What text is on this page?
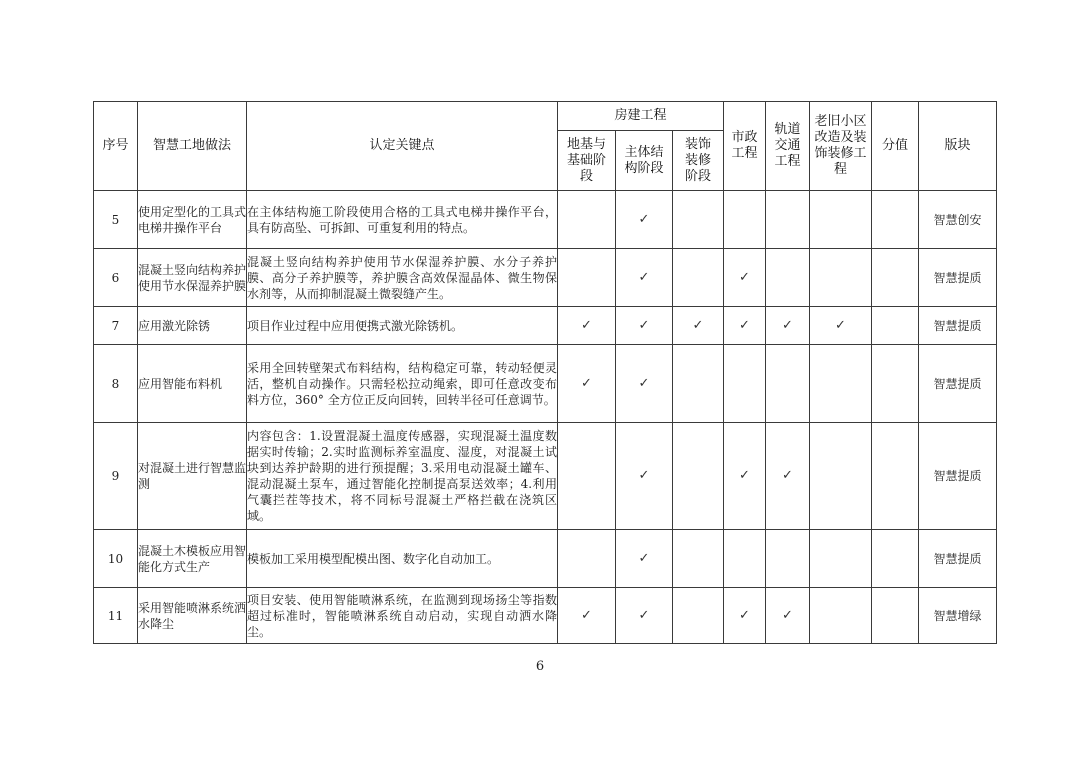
序号	智慧工地做法	认定关键点	房建工程			市政工程	轨道交通工程	老旧小区改造及装饰装修工程	分值	版块
			地基与基础阶段	主体结构阶段	装饰装修阶段					
5	使用定型化的工具式电梯井操作平台	在主体结构施工阶段使用合格的工具式电梯井操作平台，具有防高坠、可拆卸、可重复利用的特点。		✓						智慧创安
6	混凝土竖向结构养护使用节水保湿养护膜	混凝土竖向结构养护使用节水保湿养护膜、水分子养护膜、高分子养护膜等，养护膜含高效保湿晶体、微生物保水剂等，从而抑制混凝土微裂缝产生。		✓		✓				智慧提质
7	应用激光除锈	项目作业过程中应用便携式激光除锈机。	✓	✓	✓	✓	✓	✓		智慧提质
8	应用智能布料机	采用全回转壁架式布料结构，结构稳定可靠，转动轻便灵活，整机自动操作。只需轻松拉动绳索，即可任意改变布料方位，360° 全方位正反向回转，回转半径可任意调节。	✓	✓						智慧提质
9	对混凝土进行智慧监测	内容包含：1.设置混凝土温度传感器，实现混凝土温度数据实时传输；2.实时监测标养室温度、湿度，对混凝土试块到达养护龄期的进行预提醒；3.采用电动混凝土罐车、混动混凝土泵车，通过智能化控制提高泵送效率；4.利用气囊拦茬等技术，将不同标号混凝土严格拦截在浇筑区域。		✓		✓	✓			智慧提质
10	混凝土木模板应用智能化方式生产	模板加工采用模型配模出图、数字化自动加工。		✓						智慧提质
11	采用智能喷淋系统洒水降尘	项目安装、使用智能喷淋系统，在监测到现场扬尘等指数超过标准时，智能喷淋系统自动启动，实现自动洒水降尘。	✓	✓		✓	✓			智慧增绿
6
